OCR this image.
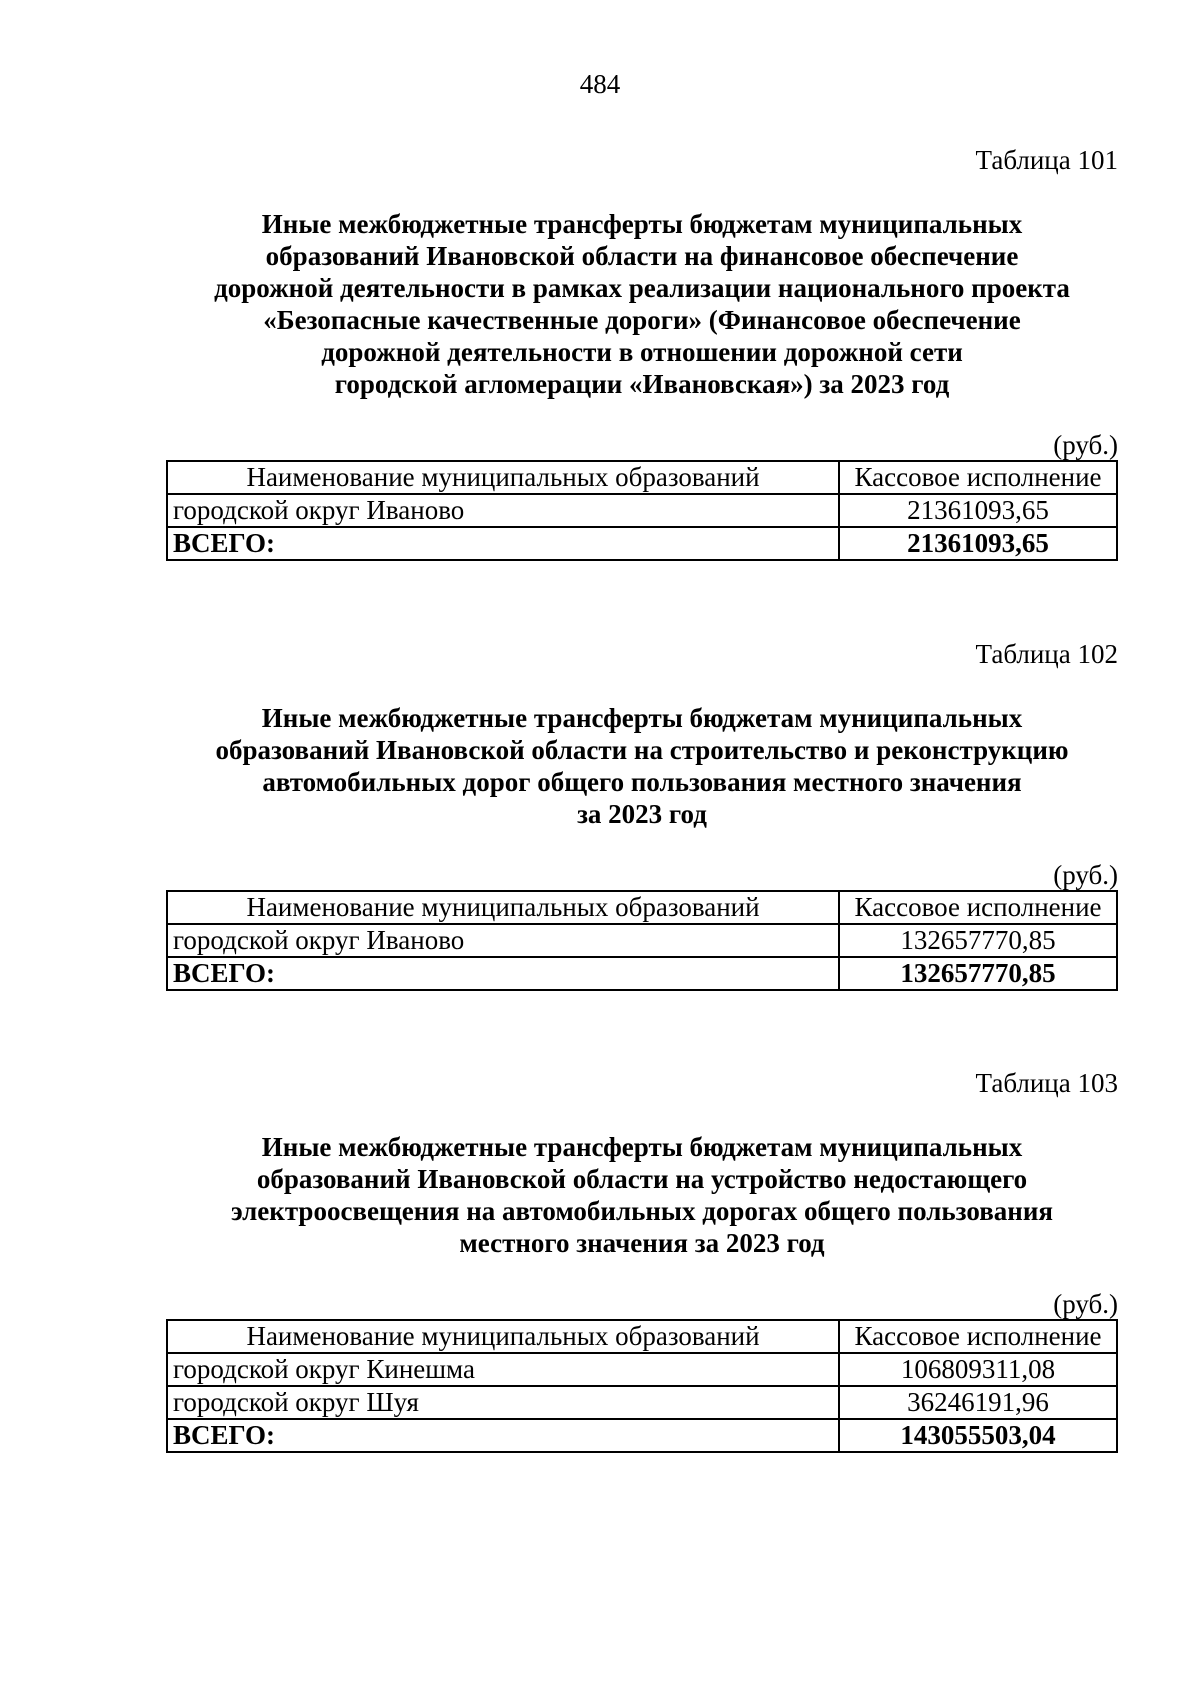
484
Таблица 101
Иные межбюджетные трансферты бюджетам муниципальных
образований Ивановской области на финансовое обеспечение
дорожной деятельности в рамках реализации национального проекта
«Безопасные качественные дороги» (Финансовое обеспечение
дорожной деятельности в отношении дорожной сети
городской агломерации «Ивановская») за 2023 год
(руб.)
Наименование муниципальных образований	Кассовое исполнение
городской округ Иваново	21361093,65
ВСЕГО:	21361093,65
Таблица 102
Иные межбюджетные трансферты бюджетам муниципальных
образований Ивановской области на строительство и реконструкцию
автомобильных дорог общего пользования местного значения
за 2023 год
(руб.)
Наименование муниципальных образований	Кассовое исполнение
городской округ Иваново	132657770,85
ВСЕГО:	132657770,85
Таблица 103
Иные межбюджетные трансферты бюджетам муниципальных
образований Ивановской области на устройство недостающего
электроосвещения на автомобильных дорогах общего пользования
местного значения за 2023 год
(руб.)
Наименование муниципальных образований	Кассовое исполнение
городской округ Кинешма	106809311,08
городской округ Шуя	36246191,96
ВСЕГО:	143055503,04
